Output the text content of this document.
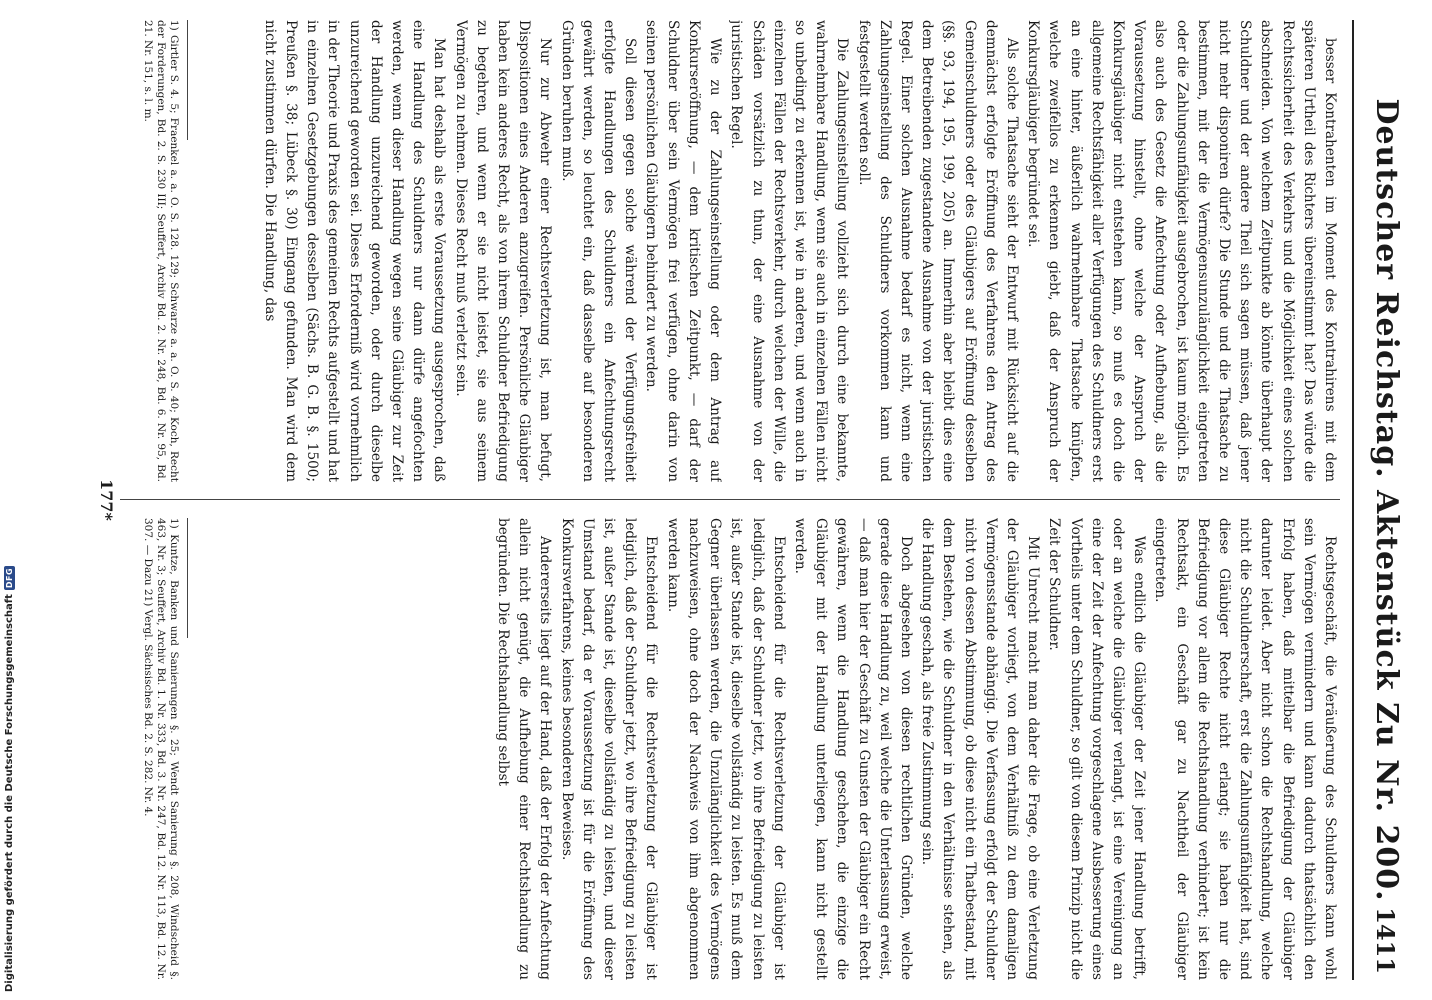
Deutscher Reichstag. Aktenstück Zu Nr. 200.
1411

besser Kontrahenten im Moment des Kontrahirens mit dem späteren Urtheil des Richters übereinstimmt hat? Das würde die Rechtssicherheit des Verkehrs und die Möglichkeit eines solchen abschneiden. Von welchem Zeitpunkte ab könnte überhaupt der Schuldner und der andere Theil sich sagen müssen, daß jener nicht mehr disponiren dürfe? Die Stunde und die Thatsache zu bestimmen, mit der die Vermögensunzulänglichkeit eingetreten oder die Zahlungsunfähigkeit ausgebrochen, ist kaum möglich. Es also auch des Gesetz die Anfechtung oder Aufhebung, als die Voraussetzung hinstellt, ohne welche der Anspruch der Konkursgläubiger nicht entstehen kann, so muß es doch die allgemeine Rechtsfähigkeit aller Verfügungen des Schuldners erst an eine hinter, äußerlich wahrnehmbare Thatsache knüpfen, welche zweifellos zu erkennen giebt, daß der Anspruch der Konkursgläubiger begründet sei.

Als solche Thatsache sieht der Entwurf mit Rücksicht auf die demnächst erfolgte Eröffnung des Verfahrens den Antrag des Gemeinschuldners oder des Gläubigers auf Eröffnung desselben (§§. 93, 194, 195, 199, 205) an. Immerhin aber bleibt dies eine dem Betreibenden zugestandene Ausnahme von der juristischen Regel. Einer solchen Ausnahme bedarf es nicht, wenn eine Zahlungseinstellung des Schuldners vorkommen kann und festgestellt werden soll.

Die Zahlungseinstellung vollzieht sich durch eine bekannte, wahrnehmbare Handlung, wenn sie auch in einzelnen Fällen nicht so unbedingt zu erkennen ist, wie in anderen, und wenn auch in einzelnen Fällen der Rechtsverkehr, durch welchen der Wille, die Schäden vorsätzlich zu thun, der eine Ausnahme von der juristischen Regel.

Wie zu der Zahlungseinstellung oder dem Antrag auf Konkurseröffnung, — dem kritischen Zeitpunkt, — darf der Schuldner über sein Vermögen frei verfügen, ohne darin von seinen persönlichen Gläubigern behindert zu werden.

Soll diesen gegen solche während der Verfügungsfreiheit erfolgte Handlungen des Schuldners ein Anfechtungsrecht gewährt werden, so leuchtet ein, daß dasselbe auf besonderen Gründen beruhen muß.

Nur zur Abwehr einer Rechtsverletzung ist, man befugt, Dispositionen eines Anderen anzugreifen. Persönliche Gläubiger haben kein anderes Recht, als von ihrem Schuldner Befriedigung zu begehren, und wenn er sie nicht leistet, sie aus seinem Vermögen zu nehmen. Dieses Recht muß verletzt sein.

Man hat deshalb als erste Voraussetzung ausgesprochen, daß eine Handlung des Schuldners nur dann dürfe angefochten werden, wenn dieser Handlung wegen seine Gläubiger zur Zeit der Handlung unzureichend geworden, oder durch dieselbe unzureichend geworden sei. Dieses Erforderniß wird vornehmlich in der Theorie und Praxis des gemeinen Rechts aufgestellt und hat in einzelnen Gesetzgebungen desselben (Sächs. B. G. B. §. 1500; Preußen §. 38; Lübeck §. 30) Eingang gefunden. Man wird dem nicht zustimmen dürfen. Die Handlung, das

Rechtsgeschäft, die Veräußerung des Schuldners kann wohl sein Vermögen vermindern und kann dadurch thatsächlich den Erfolg haben, daß mittelbar die Befriedigung der Gläubiger darunter leidet. Aber nicht schon die Rechtshandlung, welche nicht die Schuldnerschaft, erst die Zahlungsunfähigkeit hat, sind diese Gläubiger Rechte nicht erlangt; sie haben nur die Befriedigung vor allem die Rechtshandlung verhindert; ist kein Rechtsakt, ein Geschäft gar zu Nachtheil der Gläubiger eingetreten.

Was endlich die Gläubiger der Zeit jener Handlung betrifft, oder an welche die Gläubiger verlangt, ist eine Vereinigung an eine der Zeit der Anfechtung vorgeschlagene Ausbesserung eines Vortheils unter dem Schuldner, so gilt von diesem Prinzip nicht die Zeit der Schuldner.

Mit Unrecht macht man daher die Frage, ob eine Verletzung der Gläubiger vorliegt, von dem Verhältniß zu dem damaligen Vermögensstande abhängig. Die Verfassung erfolgt der Schuldner nicht von dessen Abstimmung, ob diese nicht ein Thatbestand, mit dem Bestehen, wie die Schuldner in den Verhältnisse stehen, als die Handlung geschah, als freie Zustimmung sein.

Doch abgesehen von diesen rechtlichen Gründen, welche gerade diese Handlung zu, weil welche die Unterlassung erweist, — daß man hier der Geschäft zu Gunsten der Gläubiger ein Recht gewähren, wenn die Handlung geschehen, die einzige die Gläubiger mit der Handlung unterliegen, kann nicht gestellt werden.

Entscheidend für die Rechtsverletzung der Gläubiger ist lediglich, daß der Schuldner jetzt, wo ihre Befriedigung zu leisten ist, außer Stande ist, dieselbe vollständig zu leisten. Es muß dem Gegner überlassen werden, die Unzulänglichkeit des Vermögens nachzuweisen, ohne doch der Nachweis von ihm abgenommen werden kann.

Entscheidend für die Rechtsverletzung der Gläubiger ist lediglich, daß der Schuldner jetzt, wo ihre Befriedigung zu leisten ist, außer Stande ist, dieselbe vollständig zu leisten, und dieser Umstand bedarf, da er Voraussetzung ist für die Eröffnung des Konkursverfahrens, keines besonderen Beweises.

Andererseits liegt auf der Hand, daß der Erfolg der Anfechtung allein nicht genügt, die Aufhebung einer Rechtshandlung zu begründen. Die Rechtshandlung selbst

1) Girtler S. 4. 5; Fraenkel a. a. O. S. 128. 129; Schwarze a. a. O. S. 40; Koch, Recht der Forderungen, Bd. 2. S. 230 III; Seuffert, Archiv Bd. 2. Nr. 248, Bd. 6. Nr. 95, Bd. 21. Nr. 151, s. l. m.
1) Kuntze, Banken und Sanierungen §. 25; Wendt Sanierung §. 208, Windscheid §. 463, Nr. 3; Seuffert, Archiv Bd. 1. Nr. 333, Bd. 3. Nr. 247, Bd. 12. Nr. 113, Bd. 12. Nr. 307. — Dazu 21) Vergl. Sächsisches Bd. 2. S. 282. Nr. 4.
177*
Digitalisierung gefördert durch die Deutsche Forschungsgemeinschaft
DFG
